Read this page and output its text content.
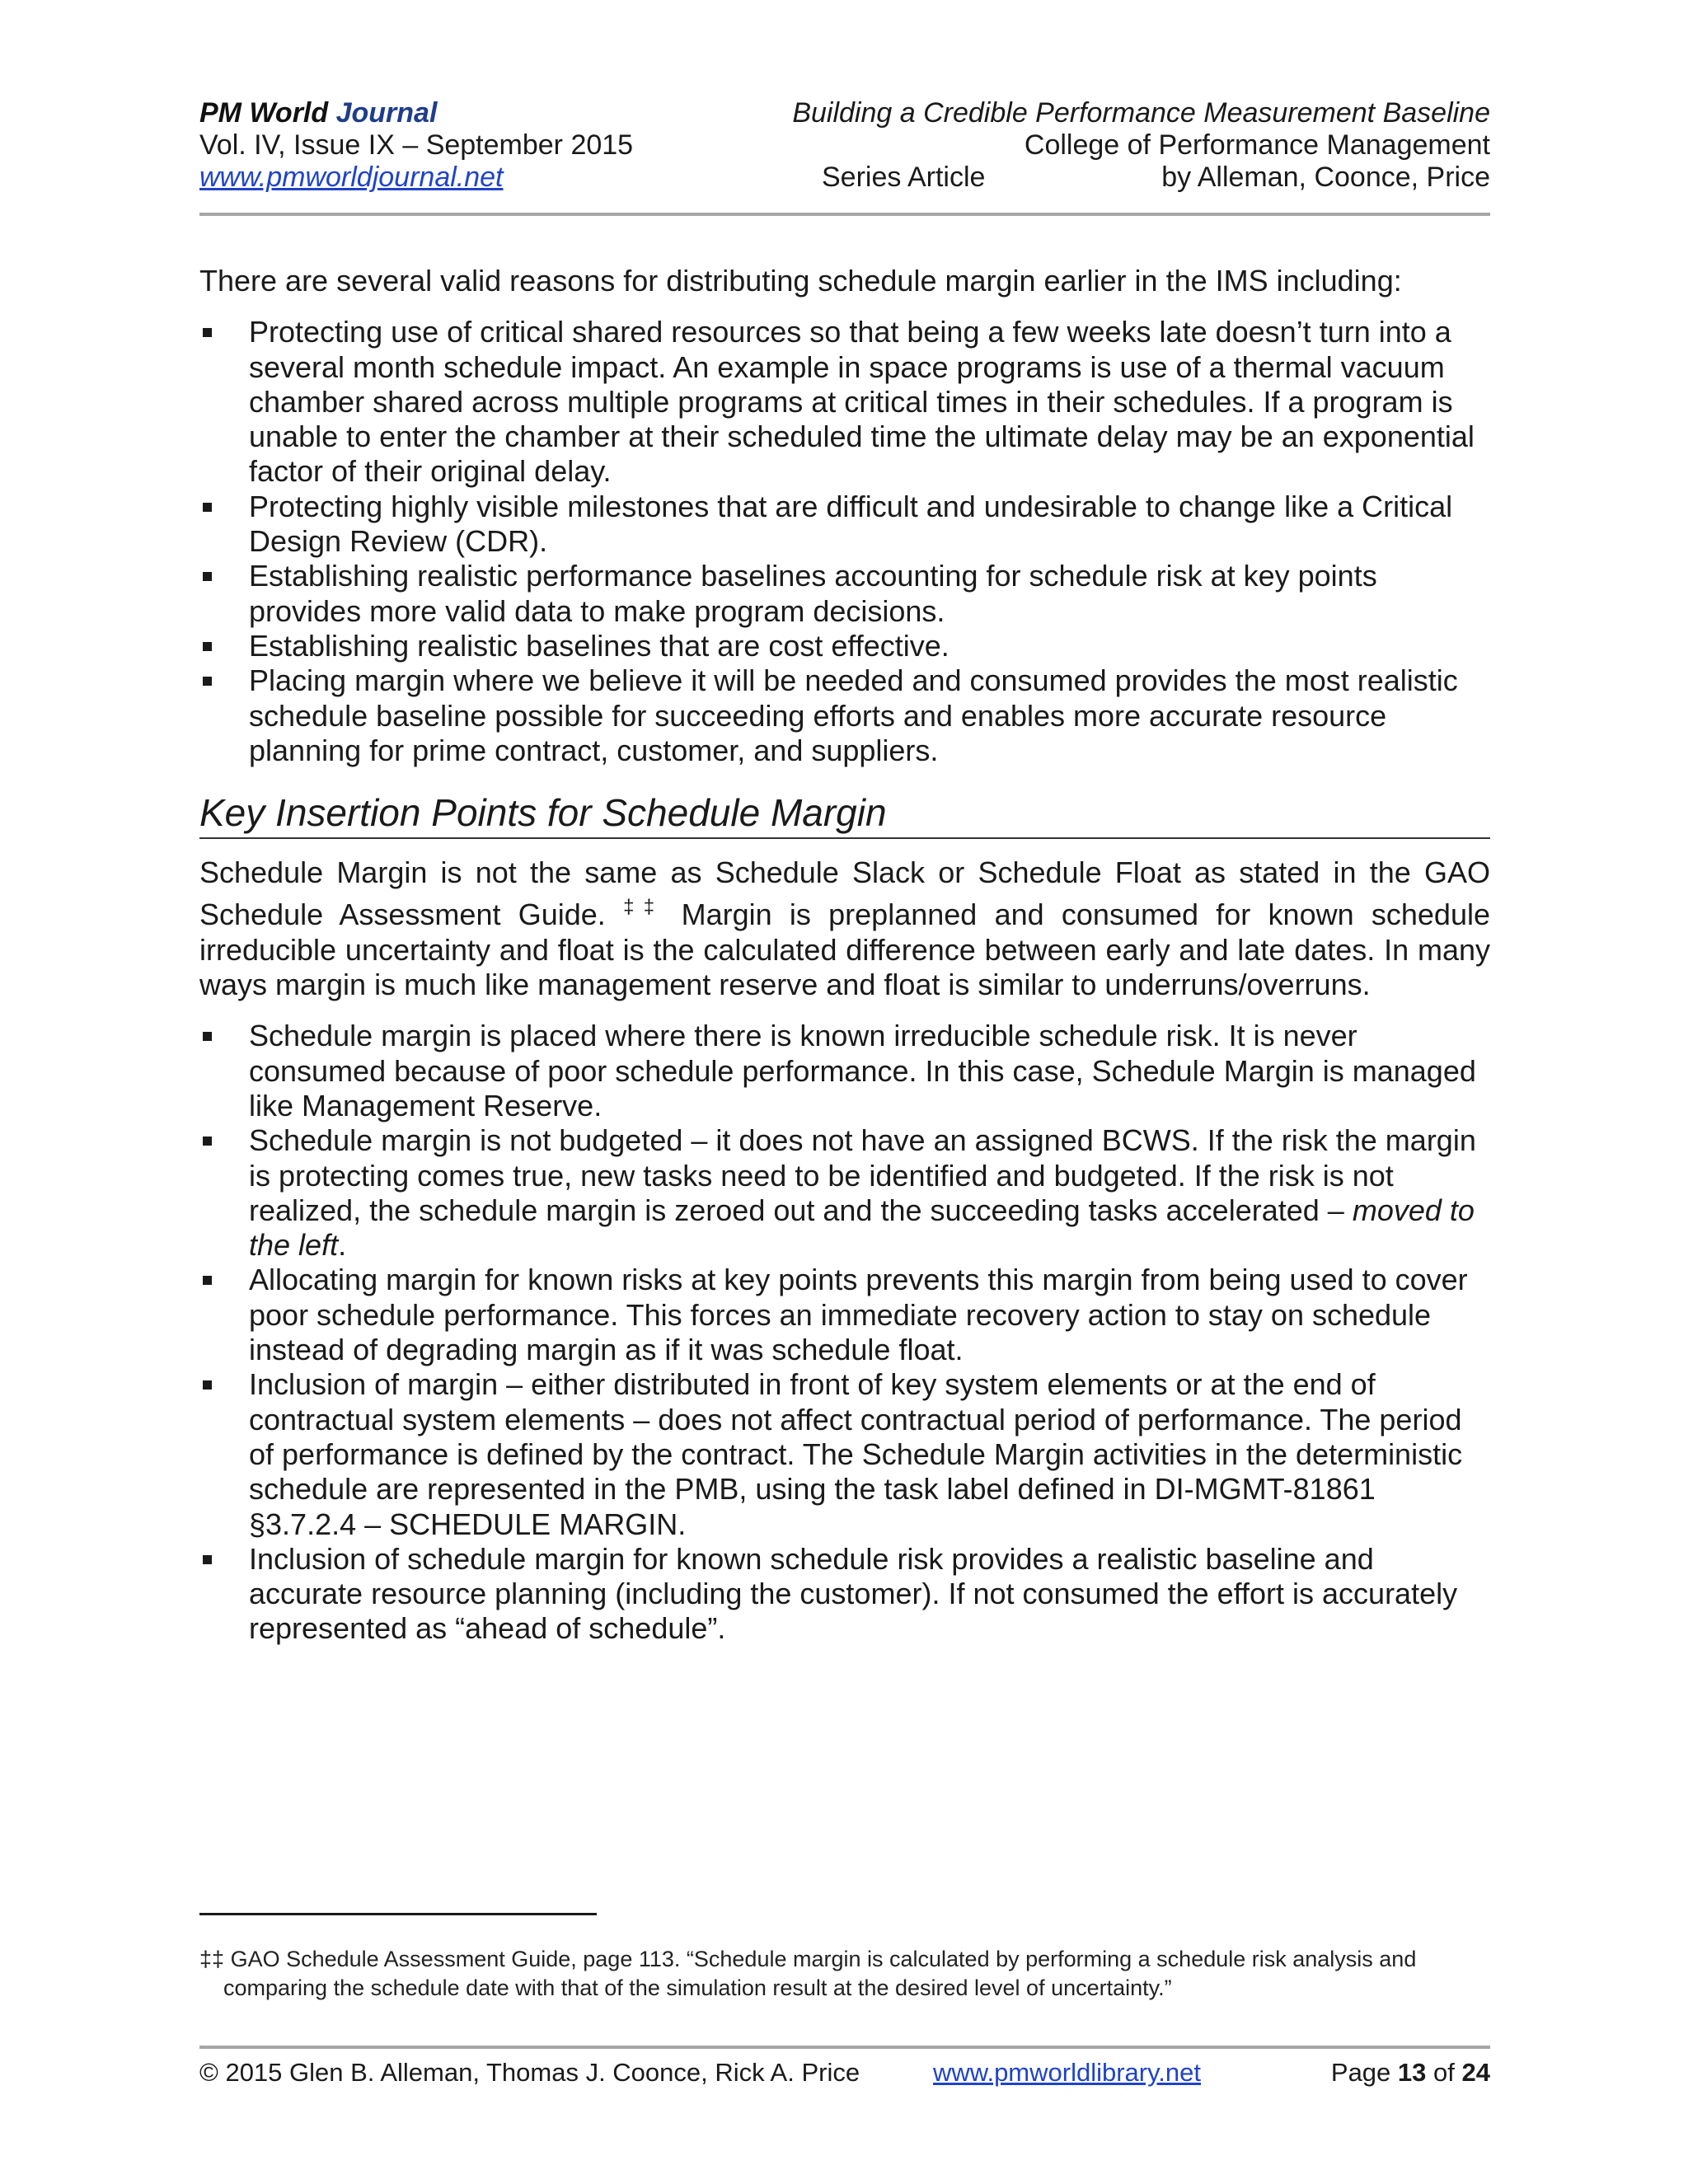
PM World Journal	Building a Credible Performance Measurement Baseline
Vol. IV, Issue IX – September 2015	College of Performance Management
www.pmworldjournal.net	Series Article	by Alleman, Coonce, Price

There are several valid reasons for distributing schedule margin earlier in the IMS including:

Protecting use of critical shared resources so that being a few weeks late doesn’t turn into a several month schedule impact. An example in space programs is use of a thermal vacuum chamber shared across multiple programs at critical times in their schedules. If a program is unable to enter the chamber at their scheduled time the ultimate delay may be an exponential factor of their original delay.
Protecting highly visible milestones that are difficult and undesirable to change like a Critical Design Review (CDR).
Establishing realistic performance baselines accounting for schedule risk at key points provides more valid data to make program decisions.
Establishing realistic baselines that are cost effective.
Placing margin where we believe it will be needed and consumed provides the most realistic schedule baseline possible for succeeding efforts and enables more accurate resource planning for prime contract, customer, and suppliers.
Key Insertion Points for Schedule Margin

Schedule Margin is not the same as Schedule Slack or Schedule Float as stated in the GAO Schedule Assessment Guide. ‡‡ Margin is preplanned and consumed for known schedule irreducible uncertainty and float is the calculated difference between early and late dates. In many ways margin is much like management reserve and float is similar to underruns/overruns.

Schedule margin is placed where there is known irreducible schedule risk. It is never consumed because of poor schedule performance. In this case, Schedule Margin is managed like Management Reserve.
Schedule margin is not budgeted – it does not have an assigned BCWS. If the risk the margin is protecting comes true, new tasks need to be identified and budgeted. If the risk is not realized, the schedule margin is zeroed out and the succeeding tasks accelerated – moved to the left.
Allocating margin for known risks at key points prevents this margin from being used to cover poor schedule performance. This forces an immediate recovery action to stay on schedule instead of degrading margin as if it was schedule float.
Inclusion of margin – either distributed in front of key system elements or at the end of contractual system elements – does not affect contractual period of performance. The period of performance is defined by the contract. The Schedule Margin activities in the deterministic schedule are represented in the PMB, using the task label defined in DI-MGMT-81861 §3.7.2.4 – SCHEDULE MARGIN.
Inclusion of schedule margin for known schedule risk provides a realistic baseline and accurate resource planning (including the customer). If not consumed the effort is accurately represented as “ahead of schedule”.
‡‡ GAO Schedule Assessment Guide, page 113. “Schedule margin is calculated by performing a schedule risk analysis and
comparing the schedule date with that of the simulation result at the desired level of uncertainty.”
© 2015 Glen B. Alleman, Thomas J. Coonce, Rick A. Price	www.pmworldlibrary.net	Page 13 of 24
